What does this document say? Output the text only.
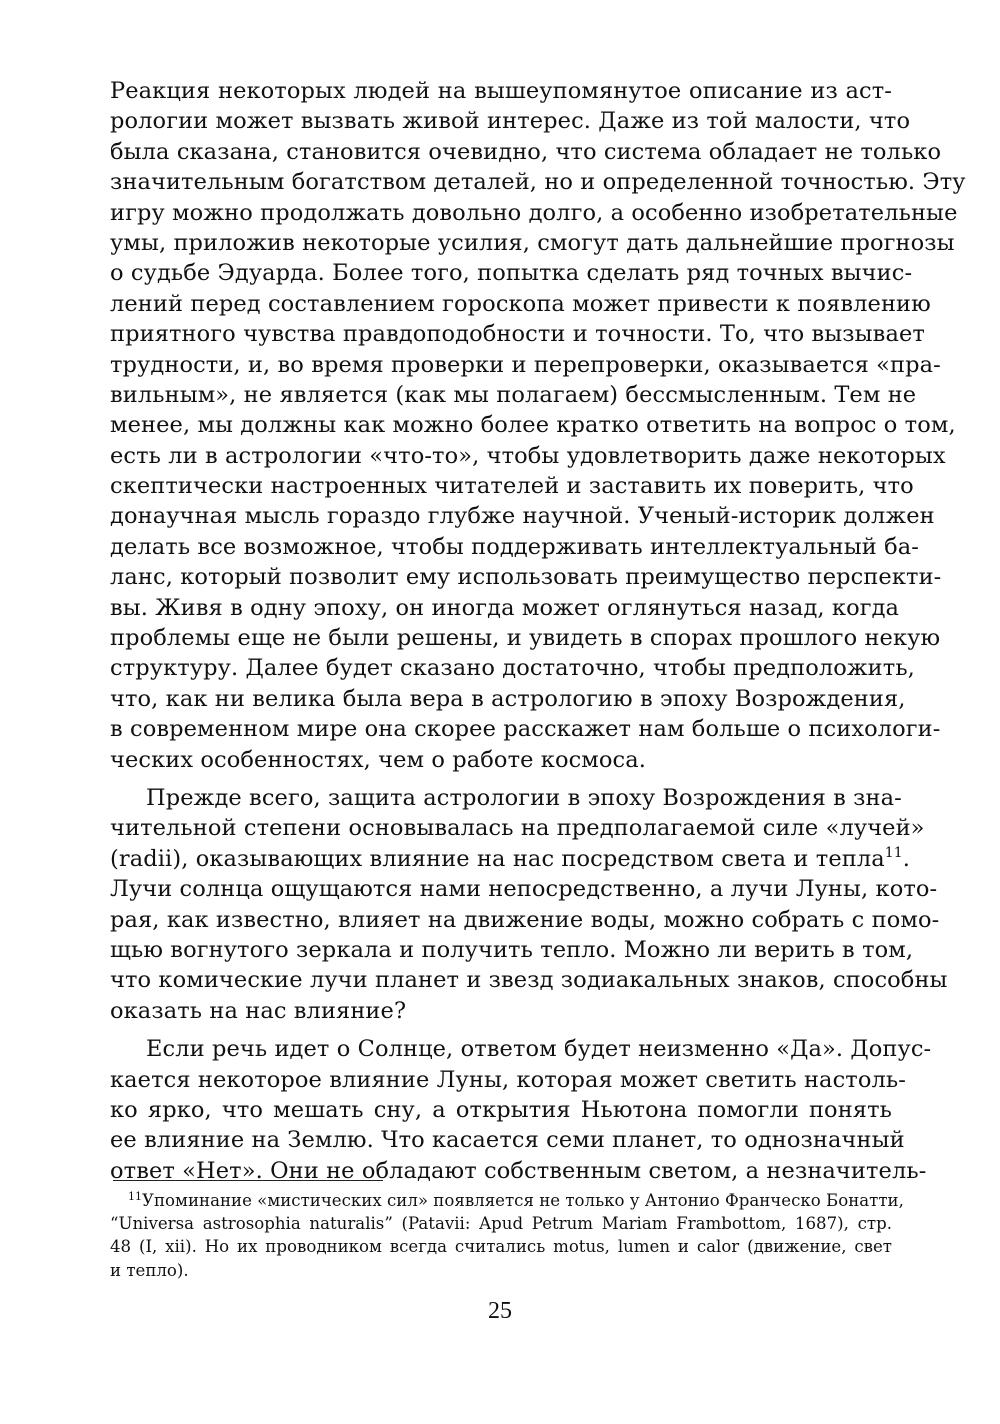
Реакция некоторых людей на вышеупомянутое описание из аст-
рологии может вызвать живой интерес. Даже из той малости, что
была сказана, становится очевидно, что система обладает не только
значительным богатством деталей, но и определенной точностью. Эту
игру можно продолжать довольно долго, а особенно изобретательные
умы, приложив некоторые усилия, смогут дать дальнейшие прогнозы
о судьбе Эдуарда. Более того, попытка сделать ряд точных вычис-
лений перед составлением гороскопа может привести к появлению
приятного чувства правдоподобности и точности. То, что вызывает
трудности, и, во время проверки и перепроверки, оказывается «пра-
вильным», не является (как мы полагаем) бессмысленным. Тем не
менее, мы должны как можно более кратко ответить на вопрос о том,
есть ли в астрологии «что-то», чтобы удовлетворить даже некоторых
скептически настроенных читателей и заставить их поверить, что
донаучная мысль гораздо глубже научной. Ученый-историк должен
делать все возможное, чтобы поддерживать интеллектуальный ба-
ланс, который позволит ему использовать преимущество перспекти-
вы. Живя в одну эпоху, он иногда может оглянуться назад, когда
проблемы еще не были решены, и увидеть в спорах прошлого некую
структуру. Далее будет сказано достаточно, чтобы предположить,
что, как ни велика была вера в астрологию в эпоху Возрождения,
в современном мире она скорее расскажет нам больше о психологи-
ческих особенностях, чем о работе космоса.
Прежде всего, защита астрологии в эпоху Возрождения в зна-
чительной степени основывалась на предполагаемой силе «лучей»
(radii), оказывающих влияние на нас посредством света и тепла$^{11}$.
Лучи солнца ощущаются нами непосредственно, а лучи Луны, кото-
рая, как известно, влияет на движение воды, можно собрать с помо-
щью вогнутого зеркала и получить тепло. Можно ли верить в том,
что комические лучи планет и звезд зодиакальных знаков, способны
оказать на нас влияние?
Если речь идет о Солнце, ответом будет неизменно «Да». Допус-
кается некоторое влияние Луны, которая может светить настоль-
ко ярко, что мешать сну, а открытия Ньютона помогли понять
ее влияние на Землю. Что касается семи планет, то однозначный
ответ «Нет». Они не обладают собственным светом, а незначитель-
$^{11}$Упоминание «мистических сил» появляется не только у Антонио Франческо Бонатти,
“Universa astrosophia naturalis” (Patavii: Apud Petrum Mariam Frambottom, 1687), стр.
48 (I, xii). Но их проводником всегда считались motus, lumen и calor (движение, свет
и тепло).
25
